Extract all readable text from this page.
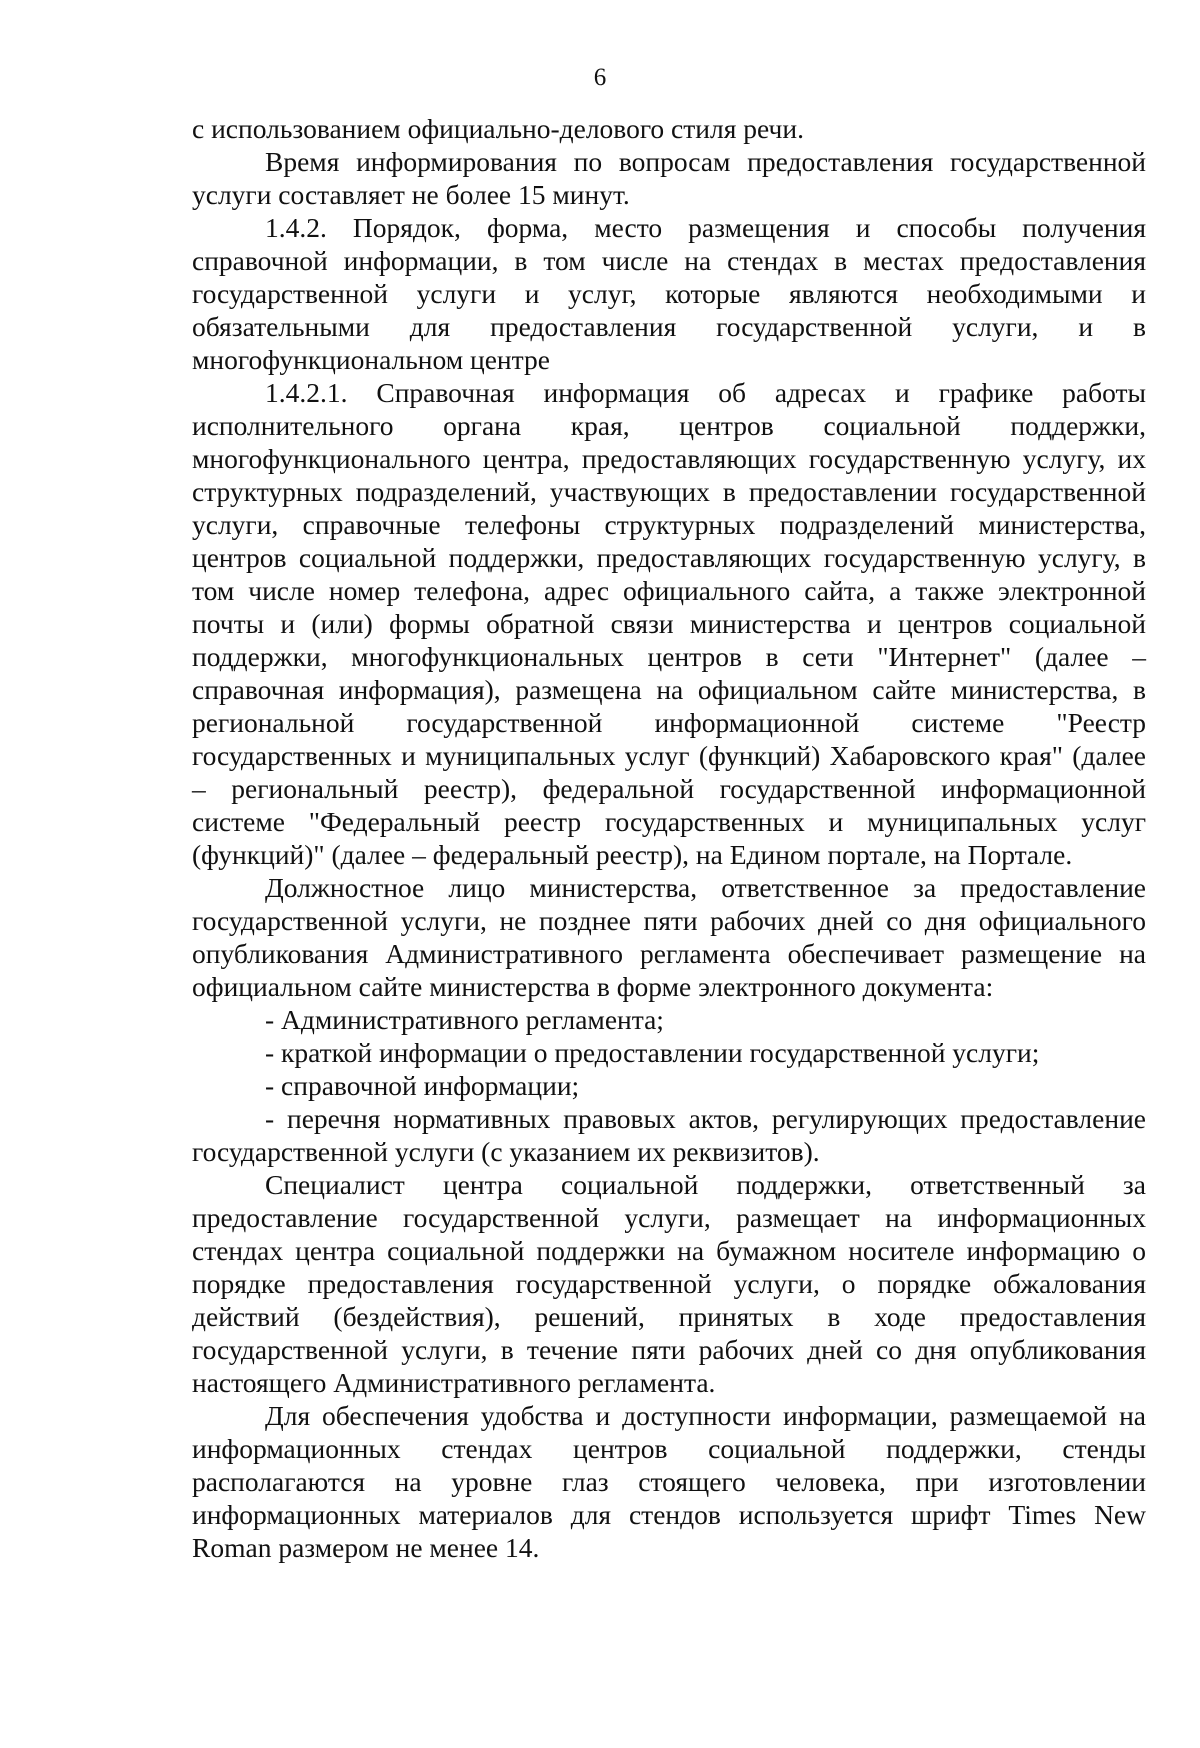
6

с использованием официально-делового стиля речи.

Время информирования по вопросам предоставления государственной услуги составляет не более 15 минут.

1.4.2. Порядок, форма, место размещения и способы получения справочной информации, в том числе на стендах в местах предоставления государственной услуги и услуг, которые являются необходимыми и обязательными для предоставления государственной услуги, и в многофункциональном центре

1.4.2.1. Справочная информация об адресах и графике работы исполнительного органа края, центров социальной поддержки, многофункционального центра, предоставляющих государственную услугу, их структурных подразделений, участвующих в предоставлении государственной услуги, справочные телефоны структурных подразделений министерства, центров социальной поддержки, предоставляющих государственную услугу, в том числе номер телефона, адрес официального сайта, а также электронной почты и (или) формы обратной связи министерства и центров социальной поддержки, многофункциональных центров в сети "Интернет" (далее – справочная информация), размещена на официальном сайте министерства, в региональной государственной информационной системе "Реестр государственных и муниципальных услуг (функций) Хабаровского края" (далее – региональный реестр), федеральной государственной информационной системе "Федеральный реестр государственных и муниципальных услуг (функций)" (далее – федеральный реестр), на Едином портале, на Портале.

Должностное лицо министерства, ответственное за предоставление государственной услуги, не позднее пяти рабочих дней со дня официального опубликования Административного регламента обеспечивает размещение на официальном сайте министерства в форме электронного документа:

- Административного регламента;

- краткой информации о предоставлении государственной услуги;

- справочной информации;

- перечня нормативных правовых актов, регулирующих предоставление государственной услуги (с указанием их реквизитов).

Специалист центра социальной поддержки, ответственный за предоставление государственной услуги, размещает на информационных стендах центра социальной поддержки на бумажном носителе информацию о порядке предоставления государственной услуги, о порядке обжалования действий (бездействия), решений, принятых в ходе предоставления государственной услуги, в течение пяти рабочих дней со дня опубликования настоящего Административного регламента.

Для обеспечения удобства и доступности информации, размещаемой на информационных стендах центров социальной поддержки, стенды располагаются на уровне глаз стоящего человека, при изготовлении информационных материалов для стендов используется шрифт Times New Roman размером не менее 14.
